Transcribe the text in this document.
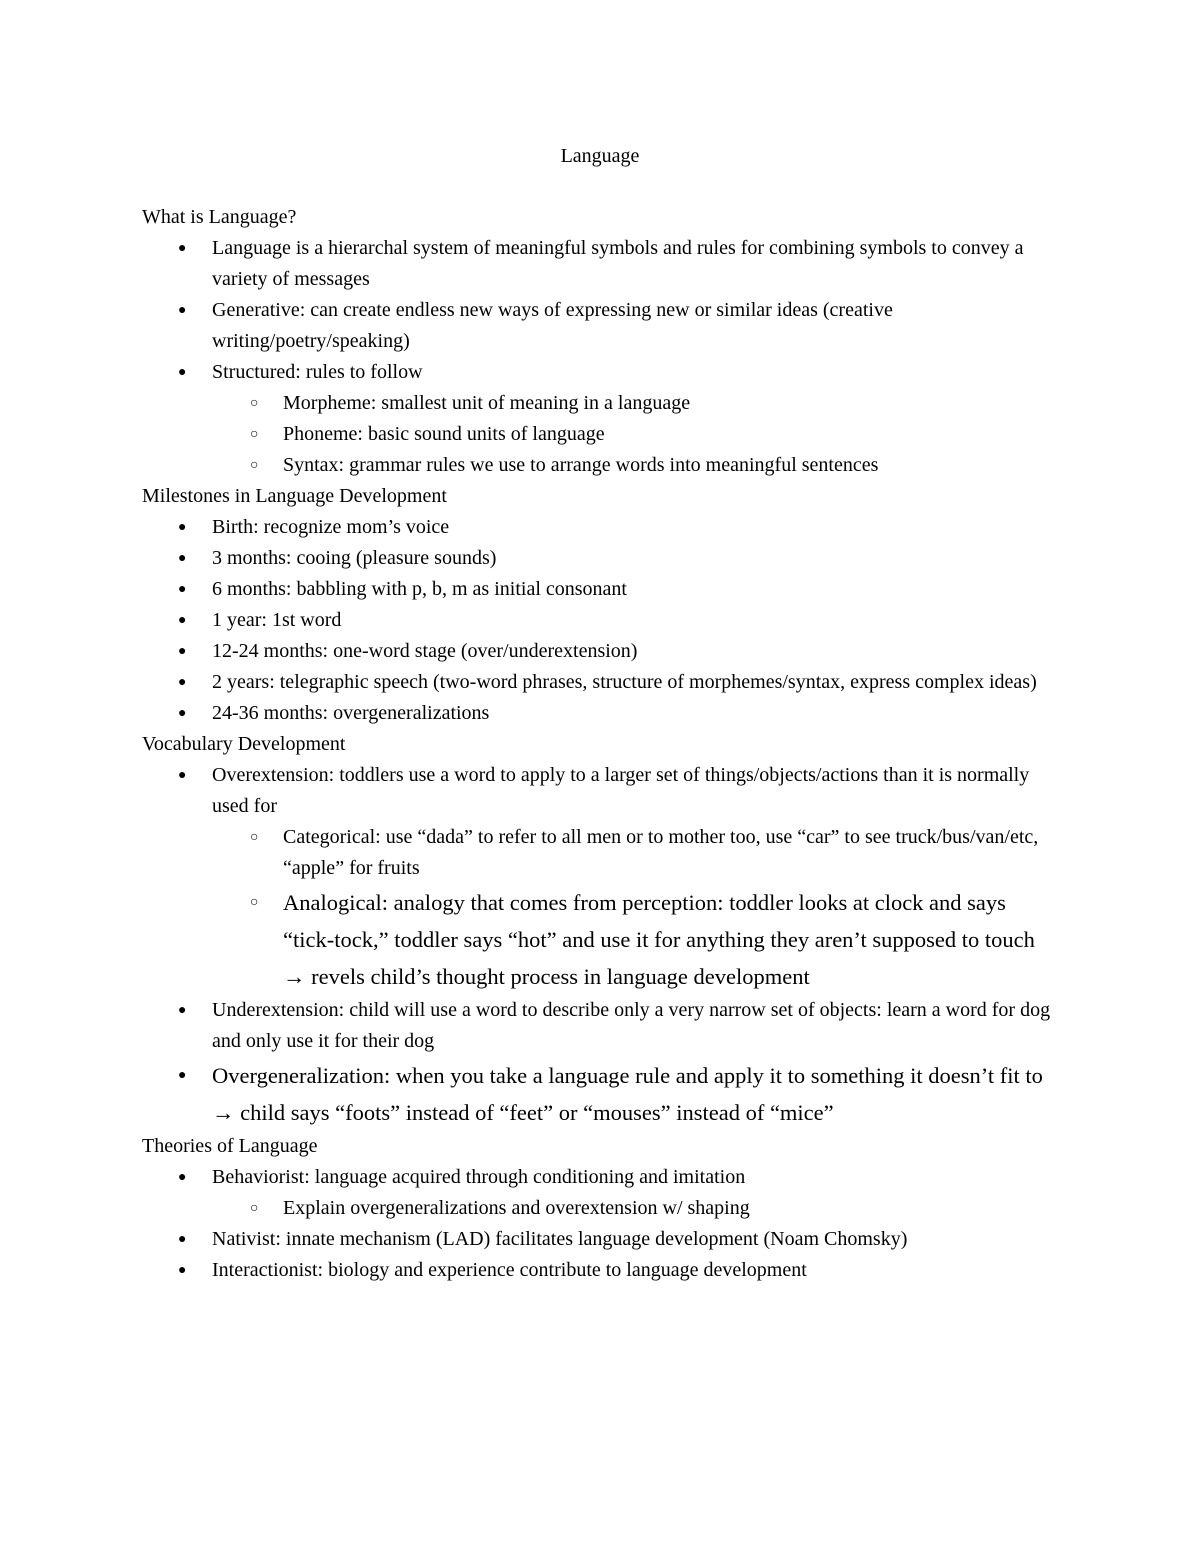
Language

What is Language?

● Language is a hierarchal system of meaningful symbols and rules for combining symbols to convey a variety of messages
● Generative: can create endless new ways of expressing new or similar ideas (creative writing/poetry/speaking)
● Structured: rules to follow
○ Morpheme: smallest unit of meaning in a language
○ Phoneme: basic sound units of language
○ Syntax: grammar rules we use to arrange words into meaningful sentences

Milestones in Language Development

● Birth: recognize mom’s voice
● 3 months: cooing (pleasure sounds)
● 6 months: babbling with p, b, m as initial consonant
● 1 year: 1st word
● 12-24 months: one-word stage (over/underextension)
● 2 years: telegraphic speech (two-word phrases, structure of morphemes/syntax, express complex ideas)
● 24-36 months: overgeneralizations

Vocabulary Development

● Overextension: toddlers use a word to apply to a larger set of things/objects/actions than it is normally used for
○ Categorical: use “dada” to refer to all men or to mother too, use “car” to see truck/bus/van/etc, “apple” for fruits
○ Analogical: analogy that comes from perception: toddler looks at clock and says “tick-tock,” toddler says “hot” and use it for anything they aren’t supposed to touch → revels child’s thought process in language development
● Underextension: child will use a word to describe only a very narrow set of objects: learn a word for dog and only use it for their dog
● Overgeneralization: when you take a language rule and apply it to something it doesn’t fit to → child says “foots” instead of “feet” or “mouses” instead of “mice”

Theories of Language

● Behaviorist: language acquired through conditioning and imitation
○ Explain overgeneralizations and overextension w/ shaping
● Nativist: innate mechanism (LAD) facilitates language development (Noam Chomsky)
● Interactionist: biology and experience contribute to language development
